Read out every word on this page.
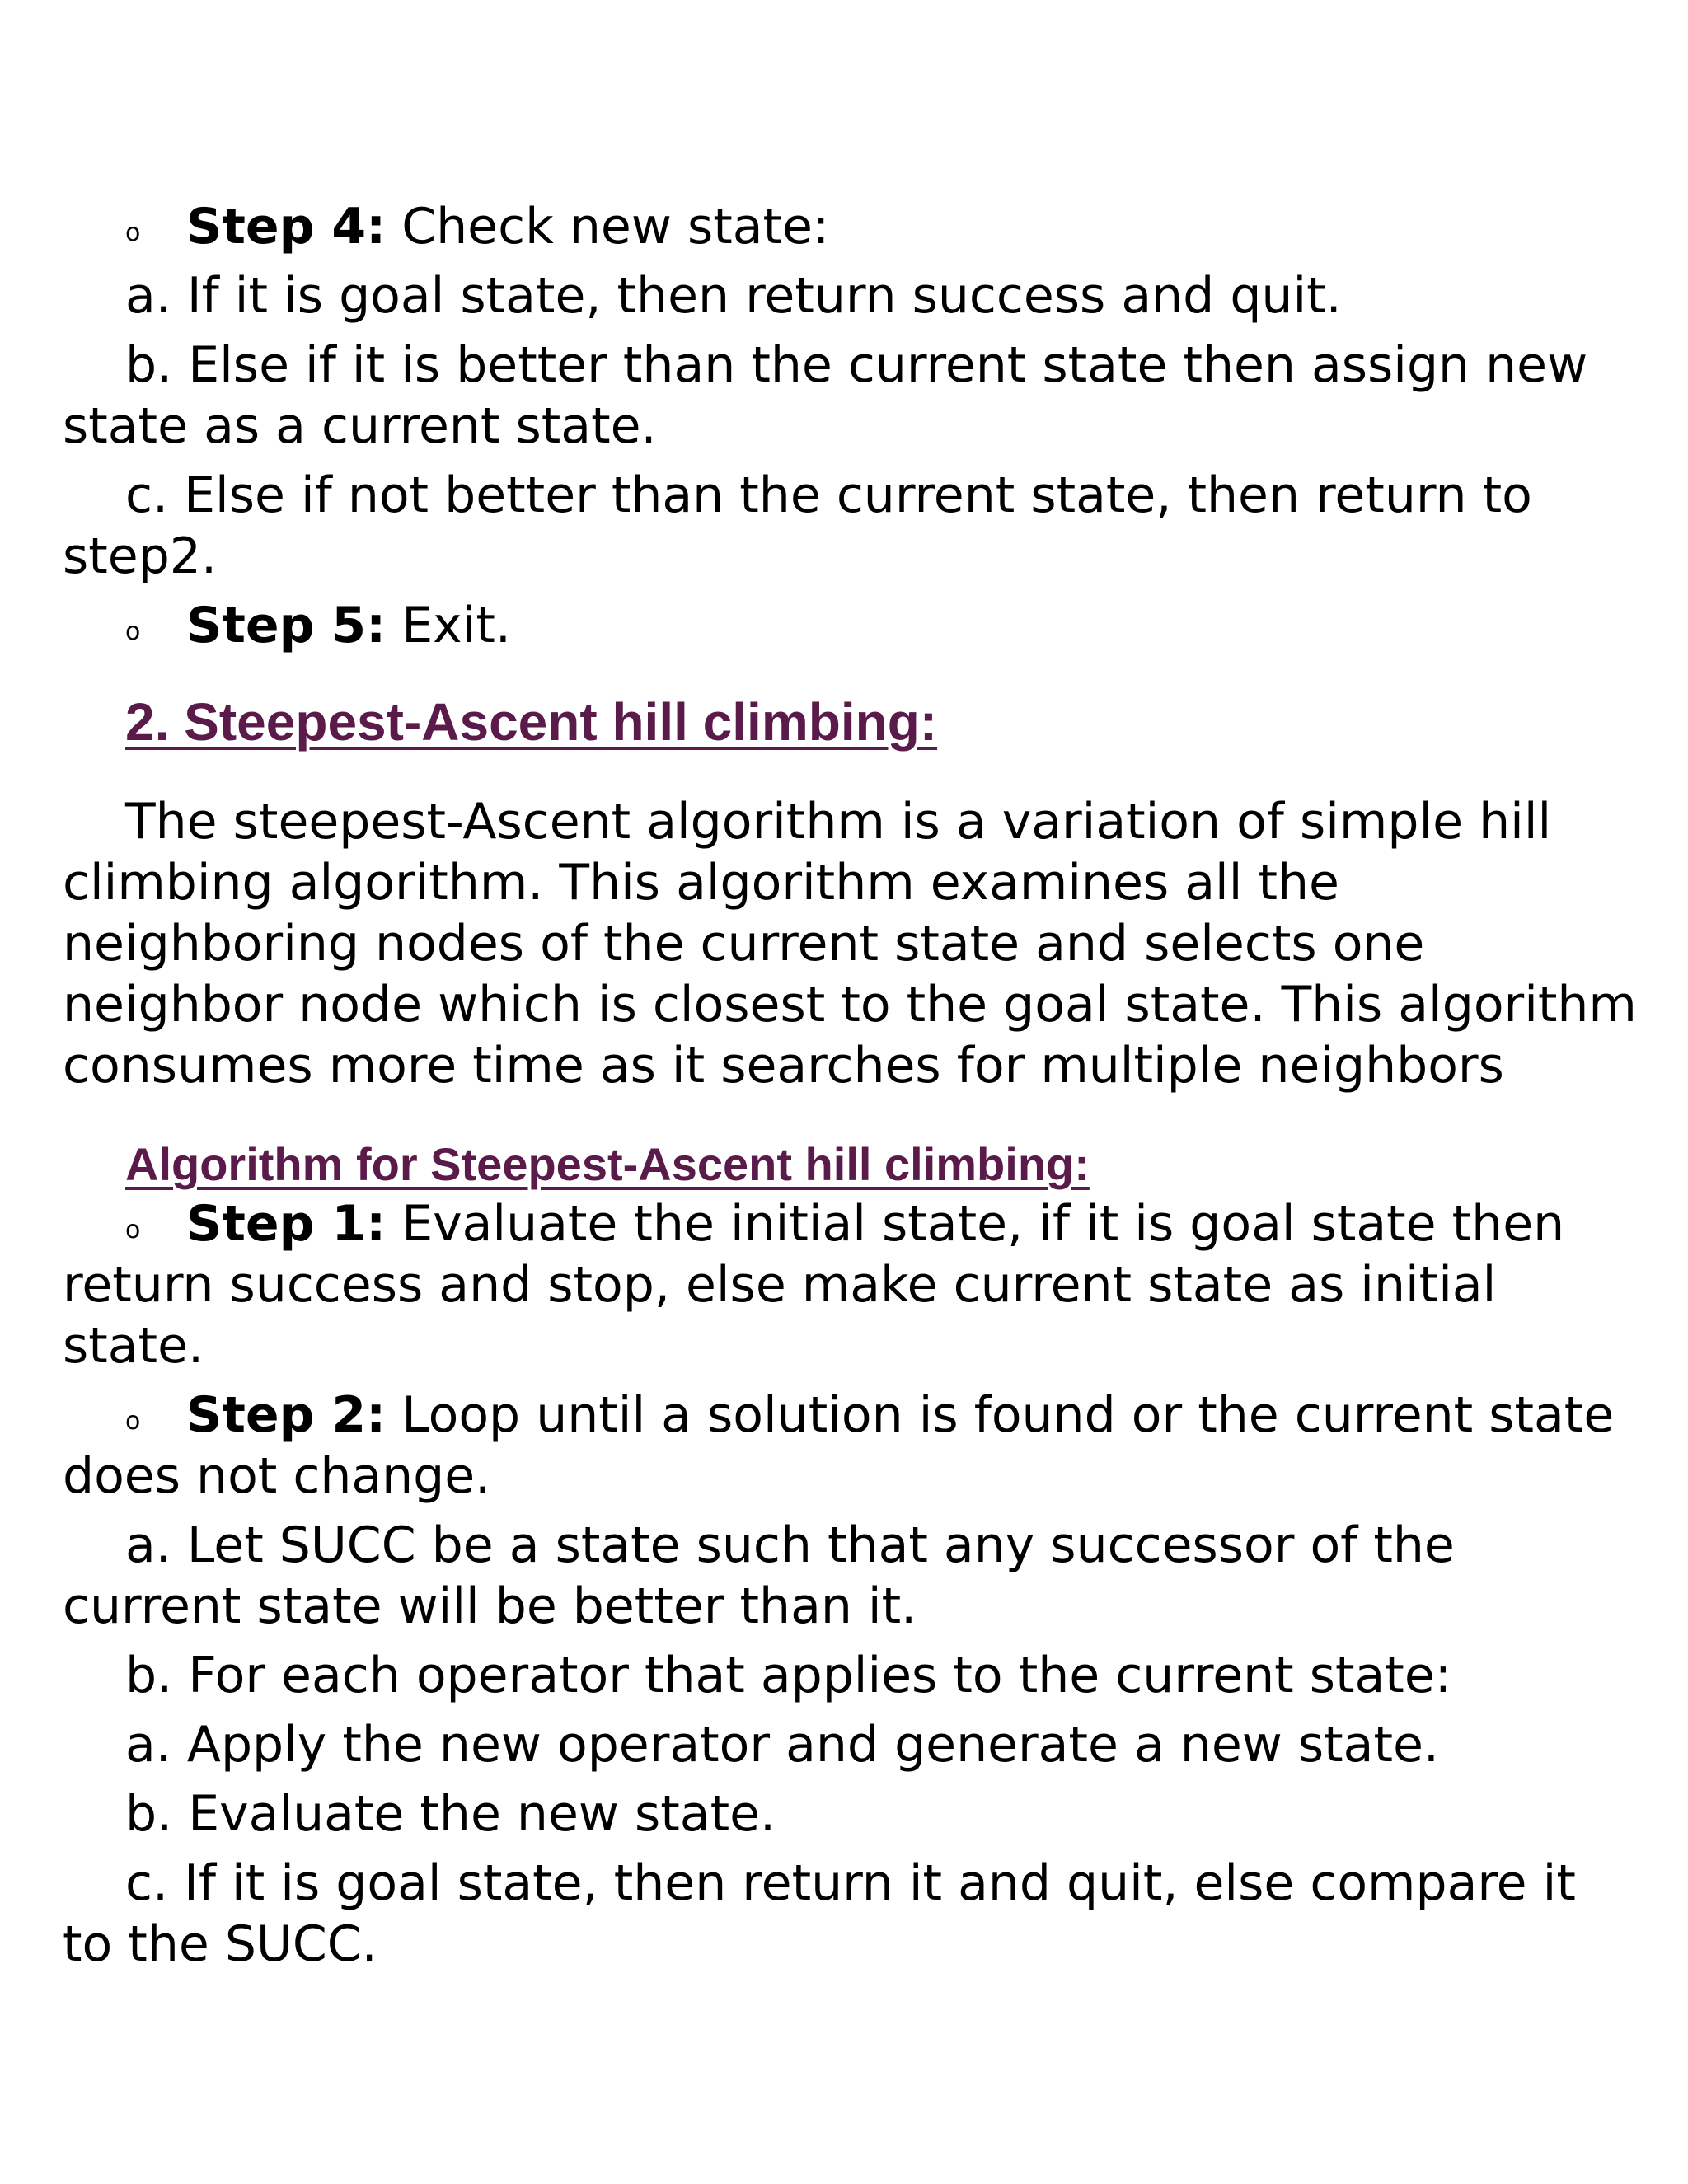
o Step 4: Check new state:

a. If it is goal state, then return success and quit.

b. Else if it is better than the current state then assign new state as a current state.

c. Else if not better than the current state, then return to step2.

o Step 5: Exit.

2. Steepest-Ascent hill climbing:

The steepest-Ascent algorithm is a variation of simple hill climbing algorithm. This algorithm examines all the neighboring nodes of the current state and selects one neighbor node which is closest to the goal state. This algorithm consumes more time as it searches for multiple neighbors

Algorithm for Steepest-Ascent hill climbing:

o Step 1: Evaluate the initial state, if it is goal state then return success and stop, else make current state as initial state.

o Step 2: Loop until a solution is found or the current state does not change.

a. Let SUCC be a state such that any successor of the current state will be better than it.

b. For each operator that applies to the current state:

a. Apply the new operator and generate a new state.

b. Evaluate the new state.

c. If it is goal state, then return it and quit, else compare it to the SUCC.
